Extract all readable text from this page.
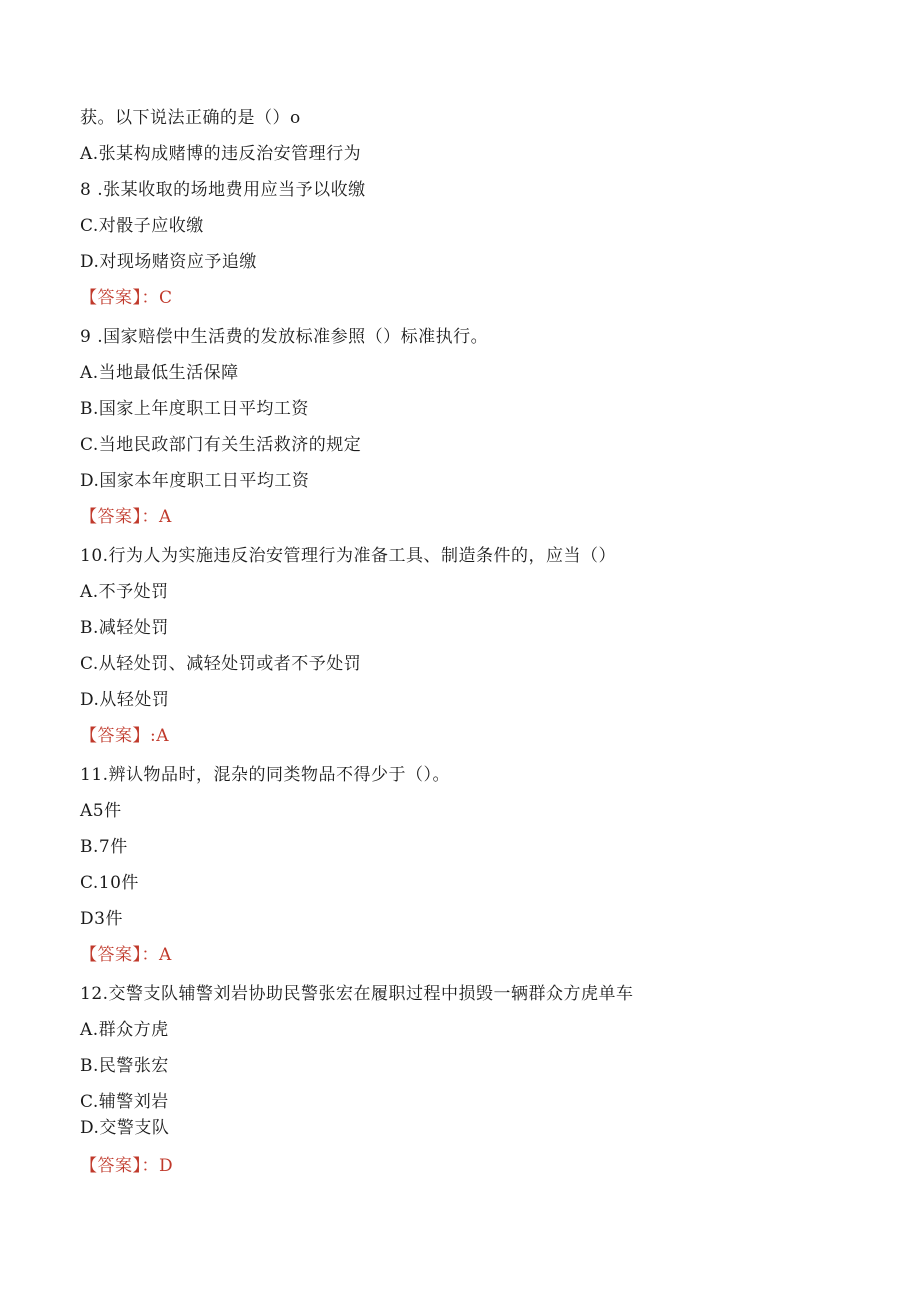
获。以下说法正确的是（）o
A.张某构成赌博的违反治安管理行为
8 .张某收取的场地费用应当予以收缴
C.对骰子应收缴
D.对现场赌资应予追缴
【答案】：C
9 .国家赔偿中生活费的发放标准参照（）标准执行。
A.当地最低生活保障
B.国家上年度职工日平均工资
C.当地民政部门有关生活救济的规定
D.国家本年度职工日平均工资
【答案】：A
10.行为人为实施违反治安管理行为准备工具、制造条件的，应当（）
A.不予处罚
B.减轻处罚
C.从轻处罚、减轻处罚或者不予处罚
D.从轻处罚
【答案】:A
11.辨认物品时，混杂的同类物品不得少于（）。
A5件
B.7件
C.10件
D3件
【答案】：A
12.交警支队辅警刘岩协助民警张宏在履职过程中损毁一辆群众方虎单车
A.群众方虎
B.民警张宏
C.辅警刘岩
D.交警支队
【答案】：D
